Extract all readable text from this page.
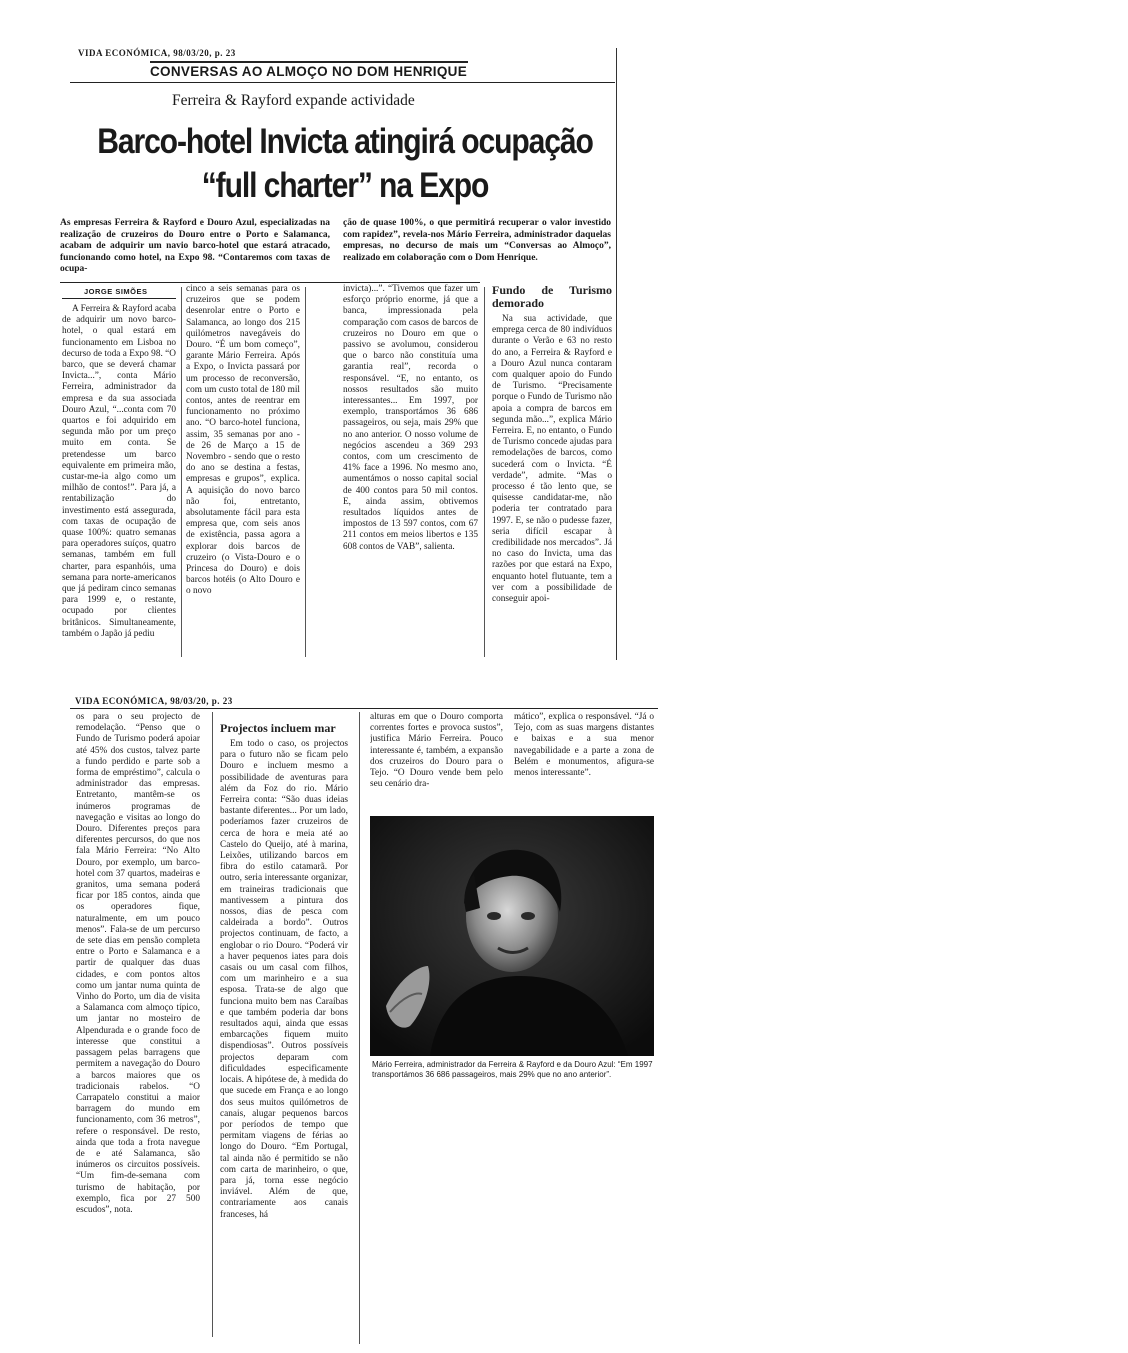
VIDA ECONÓMICA, 98/03/20, p. 23
CONVERSAS AO ALMOÇO NO DOM HENRIQUE
Ferreira & Rayford expande actividade
Barco-hotel Invicta atingirá ocupação
“full charter” na Expo
As empresas Ferreira & Rayford e Douro Azul, especializadas na realização de cruzeiros do Douro entre o Porto e Salamanca, acabam de adquirir um navio barco-hotel que estará atracado, funcionando como hotel, na Expo 98. “Contaremos com taxas de ocupa-
ção de quase 100%, o que permitirá recuperar o valor investido com rapidez”, revela-nos Mário Ferreira, administrador daquelas empresas, no decurso de mais um “Conversas ao Almoço”, realizado em colaboração com o Dom Henrique.
JORGE SIMÕES

A Ferreira & Rayford acaba de adquirir um novo barco-hotel, o qual estará em funcionamento em Lisboa no decurso de toda a Expo 98. “O barco, que se deverá chamar Invicta...”, conta Mário Ferreira, administrador da empresa e da sua associada Douro Azul, “...conta com 70 quartos e foi adquirido em segunda mão por um preço muito em conta. Se pretendesse um barco equivalente em primeira mão, custar-me-ia algo como um milhão de contos!”. Para já, a rentabilização do investimento está assegurada, com taxas de ocupação de quase 100%: quatro semanas para operadores suíços, quatro semanas, também em full charter, para espanhóis, uma semana para norte-americanos que já pediram cinco semanas para 1999 e, o restante, ocupado por clientes britânicos. Simultaneamente, também o Japão já pediu

cinco a seis semanas para os cruzeiros que se podem desenrolar entre o Porto e Salamanca, ao longo dos 215 quilómetros navegáveis do Douro. “É um bom começo”, garante Mário Ferreira. Após a Expo, o Invicta passará por um processo de reconversão, com um custo total de 180 mil contos, antes de reentrar em funcionamento no próximo ano. “O barco-hotel funciona, assim, 35 semanas por ano - de 26 de Março a 15 de Novembro - sendo que o resto do ano se destina a festas, empresas e grupos”, explica. A aquisição do novo barco não foi, entretanto, absolutamente fácil para esta empresa que, com seis anos de existência, passa agora a explorar dois barcos de cruzeiro (o Vista-Douro e o Princesa do Douro) e dois barcos hotéis (o Alto Douro e o novo

invicta)...”. “Tivemos que fazer um esforço próprio enorme, já que a banca, impressionada pela comparação com casos de barcos de cruzeiros no Douro em que o passivo se avolumou, considerou que o barco não constituía uma garantia real”, recorda o responsável. “E, no entanto, os nossos resultados são muito interessantes... Em 1997, por exemplo, transportámos 36 686 passageiros, ou seja, mais 29% que no ano anterior. O nosso volume de negócios ascendeu a 369 293 contos, com um crescimento de 41% face a 1996. No mesmo ano, aumentámos o nosso capital social de 400 contos para 50 mil contos. E, ainda assim, obtivemos resultados líquidos antes de impostos de 13 597 contos, com 67 211 contos em meios libertos e 135 608 contos de VAB”, salienta.

Fundo de Turismo demorado

Na sua actividade, que emprega cerca de 80 indivíduos durante o Verão e 63 no resto do ano, a Ferreira & Rayford e a Douro Azul nunca contaram com qualquer apoio do Fundo de Turismo. “Precisamente porque o Fundo de Turismo não apoia a compra de barcos em segunda mão...”, explica Mário Ferreira. E, no entanto, o Fundo de Turismo concede ajudas para remodelações de barcos, como sucederá com o Invicta. “É verdade”, admite. “Mas o processo é tão lento que, se quisesse candidatar-me, não poderia ter contratado para 1997. E, se não o pudesse fazer, seria difícil escapar à credibilidade nos mercados”. Já no caso do Invicta, uma das razões por que estará na Expo, enquanto hotel flutuante, tem a ver com a possibilidade de conseguir apoi-

VIDA ECONÓMICA, 98/03/20, p. 23

os para o seu projecto de remodelação. “Penso que o Fundo de Turismo poderá apoiar até 45% dos custos, talvez parte a fundo perdido e parte sob a forma de empréstimo”, calcula o administrador das empresas. Entretanto, mantêm-se os inúmeros programas de navegação e visitas ao longo do Douro. Diferentes preços para diferentes percursos, do que nos fala Mário Ferreira: “No Alto Douro, por exemplo, um barco-hotel com 37 quartos, madeiras e granitos, uma semana poderá ficar por 185 contos, ainda que os operadores fique, naturalmente, em um pouco menos”. Fala-se de um percurso de sete dias em pensão completa entre o Porto e Salamanca e a partir de qualquer das duas cidades, e com pontos altos como um jantar numa quinta de Vinho do Porto, um dia de visita a Salamanca com almoço típico, um jantar no mosteiro de Alpendurada e o grande foco de interesse que constitui a passagem pelas barragens que permitem a navegação do Douro a barcos maiores que os tradicionais rabelos. “O Carrapatelo constitui a maior barragem do mundo em funcionamento, com 36 metros”, refere o responsável. De resto, ainda que toda a frota navegue de e até Salamanca, são inúmeros os circuitos possíveis. “Um fim-de-semana com turismo de habitação, por exemplo, fica por 27 500 escudos”, nota.

Projectos incluem mar

Em todo o caso, os projectos para o futuro não se ficam pelo Douro e incluem mesmo a possibilidade de aventuras para além da Foz do rio. Mário Ferreira conta: “São duas ideias bastante diferentes... Por um lado, poderíamos fazer cruzeiros de cerca de hora e meia até ao Castelo do Queijo, até à marina, Leixões, utilizando barcos em fibra do estilo catamarã. Por outro, seria interessante organizar, em traineiras tradicionais que mantivessem a pintura dos nossos, dias de pesca com caldeirada a bordo”. Outros projectos continuam, de facto, a englobar o rio Douro. “Poderá vir a haver pequenos iates para dois casais ou um casal com filhos, com um marinheiro e a sua esposa. Trata-se de algo que funciona muito bem nas Caraíbas e que também poderia dar bons resultados aqui, ainda que essas embarcações fiquem muito dispendiosas”. Outros possíveis projectos deparam com dificuldades especificamente locais. A hipótese de, à medida do que sucede em França e ao longo dos seus muitos quilómetros de canais, alugar pequenos barcos por períodos de tempo que permitam viagens de férias ao longo do Douro. “Em Portugal, tal ainda não é permitido se não com carta de marinheiro, o que, para já, torna esse negócio inviável. Além de que, contrariamente aos canais franceses, há

alturas em que o Douro comporta correntes fortes e provoca sustos”, justifica Mário Ferreira. Pouco interessante é, também, a expansão dos cruzeiros do Douro para o Tejo. “O Douro vende bem pelo seu cenário dra-

mático”, explica o responsável. “Já o Tejo, com as suas margens distantes e baixas e a sua menor navegabilidade e a parte a zona de Belém e monumentos, afigura-se menos interessante”.

Mário Ferreira, administrador da Ferreira & Rayford e da Douro Azul: “Em 1997 transportámos 36 686 passageiros, mais 29% que no ano anterior”.
